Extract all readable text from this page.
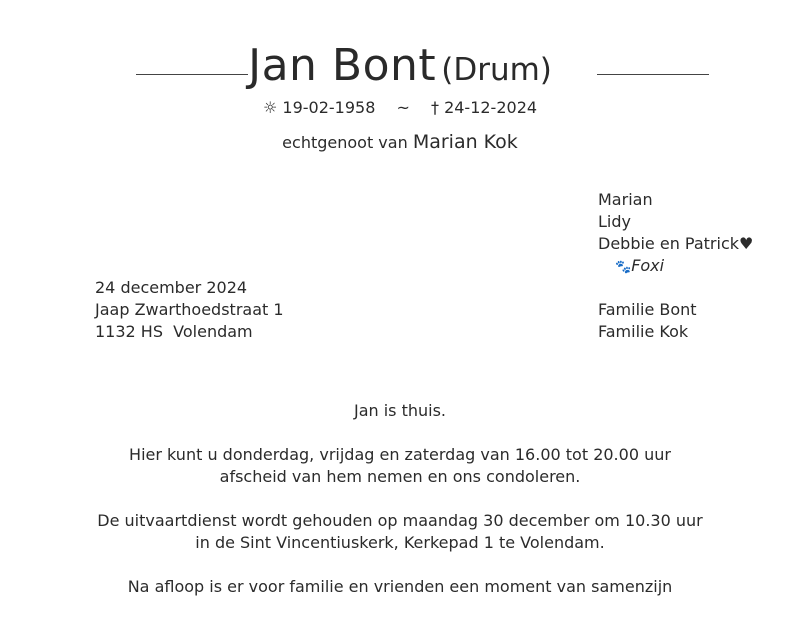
Jan Bont (Drum)
☼ 19-02-1958 ~ † 24-12-2024
echtgenoot van Marian Kok
Marian
Lidy
Debbie en Patrick♥
🐾Foxi
Familie Bont
Familie Kok
24 december 2024
Jaap Zwarthoedstraat 1
1132 HS  Volendam

Jan is thuis.

Hier kunt u donderdag, vrijdag en zaterdag van 16.00 tot 20.00 uur
afscheid van hem nemen en ons condoleren.

De uitvaartdienst wordt gehouden op maandag 30 december om 10.30 uur
in de Sint Vincentiuskerk, Kerkepad 1 te Volendam.

Na afloop is er voor familie en vrienden een moment van samenzijn
